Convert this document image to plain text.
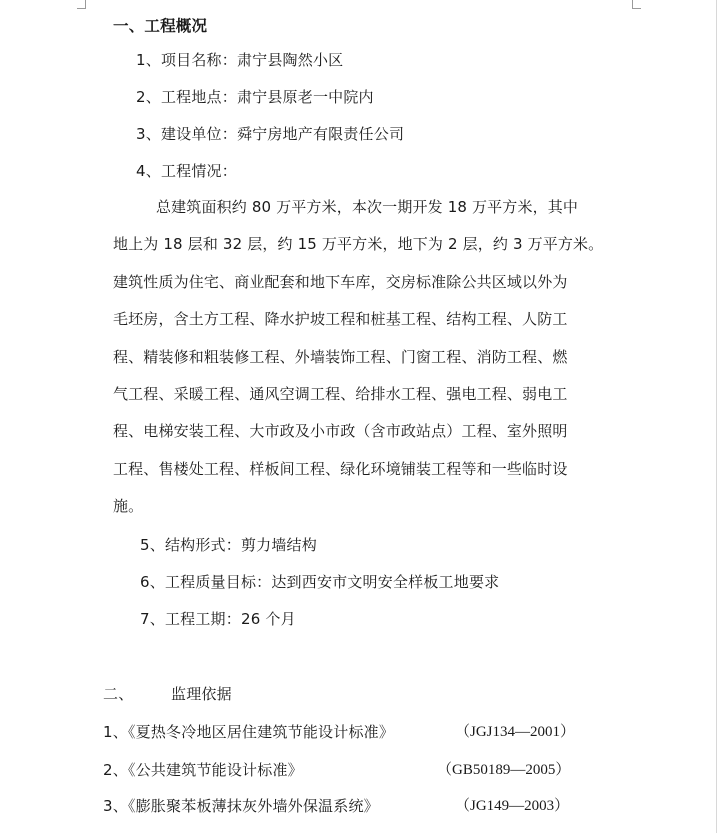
一、工程概况
1、项目名称：肃宁县陶然小区
2、工程地点：肃宁县原老一中院内
3、建设单位：舜宁房地产有限责任公司
4、工程情况：
总建筑面积约 80 万平方米，本次一期开发 18 万平方米，其中
地上为 18 层和 32 层，约 15 万平方米，地下为 2 层，约 3 万平方米。
建筑性质为住宅、商业配套和地下车库，交房标准除公共区域以外为
毛坯房，含土方工程、降水护坡工程和桩基工程、结构工程、人防工
程、精装修和粗装修工程、外墙装饰工程、门窗工程、消防工程、燃
气工程、采暖工程、通风空调工程、给排水工程、强电工程、弱电工
程、电梯安装工程、大市政及小市政（含市政站点）工程、室外照明
工程、售楼处工程、样板间工程、绿化环境铺装工程等和一些临时设
施。
5、结构形式：剪力墙结构
6、工程质量目标：达到西安市文明安全样板工地要求
7、工程工期：26 个月
二、	监理依据
1、《夏热冬冷地区居住建筑节能设计标准》	（JGJ134—2001）
2、《公共建筑节能设计标准》	（GB50189—2005）
3、《膨胀聚苯板薄抹灰外墙外保温系统》	（JG149—2003）
